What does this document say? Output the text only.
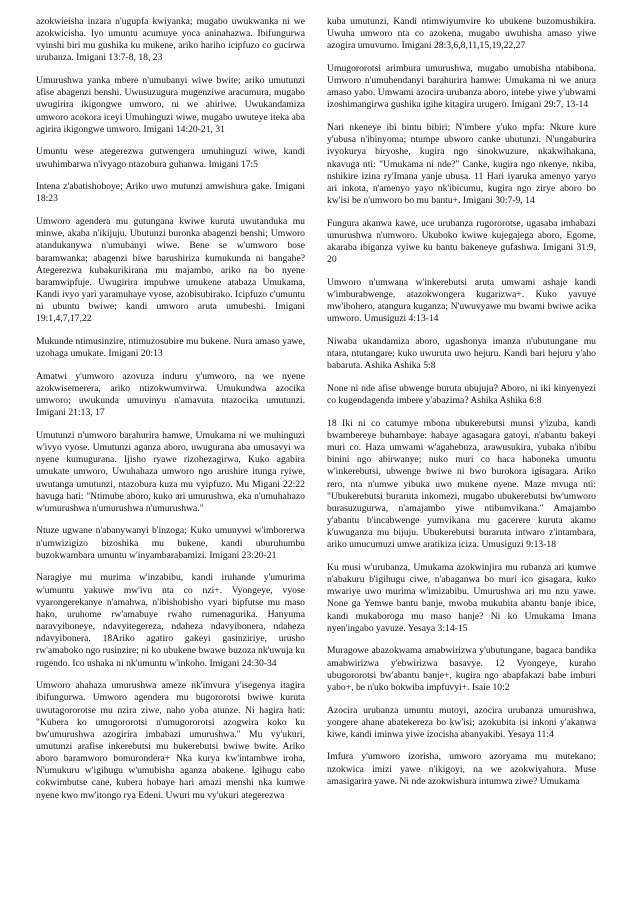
azokwieisha inzara n'ugupfa kwiyanka; mugabo uwukwanka ni we azokwicisha. Iyo umuntu acumuye yoca aninahazwa. Ibifungurwa vyinshi biri mu gushika ku mukene, ariko hariho icipfuzo co gucirwa urubanza. Imigani 13:7-8, 18, 23

Umurushwa yanka mbere n'umubanyi wiwe bwite; ariko umutunzi afise abagenzi benshi. Uwusuzugura mugenziwe aracumura, mugabo uwugirira ikigongwe umworo, ni we ahiriwe. Uwukandamiza umworo acokora iceyi Umuhinguzi wiwe, mugabo uwuteye iteka aba agirira ikigongwe umworo. Imigani 14:20-21, 31

Umuntu wese ategerezwa gutwengera umuhinguzi wiwe, kandi uwuhimbarwa n'ivyago ntazobura guhanwa. Imigani 17:5

Intena z'abatishoboye; Ariko uwo mutunzi amwishura gake. Imigani 18:23

Umworo agendera mu gutungana kwiwe kuruta uwutanduka mu minwe, akaba n'ikijuju. Ubutunzi buronka abagenzi benshi; Umworo atandukanywa n'umubanyi wiwe. Bene se w'umworo bose baramwanka; abagenzi biwe barushiriza kumukunda ni bangahe? Ategerezwa kubakurikirana mu majambo, ariko na bo nyene baramwipfuje. Uwugirira impuhwe umukene atabaza Umukama, Kandi ivyo yari yaramuhaye vyose, azobisubirako. Icipfuzo c'umuntu ni ubuntu bwiwe; kandi umworo aruta umubeshi. Imigani 19:1,4,7,17,22

Mukunde ntimusinzire, ntimuzosubire mu bukene. Nura amaso yawe, uzohaga umukate. Imigani 20:13

Amatwi y'umworo azovuza induru y'umworo, na we nyene azokwisemerera, ariko ntizokwumvirwa. Umukundwa azocika umworo; uwukunda umuvinyu n'amavuta ntazocika umutunzi. Imigani 21:13, 17

Umutunzi n'umworo barahurira hamwe, Umukama ni we muhinguzi w'ivyo vyose. Umutunzi aganza aboro, uwugurana aba umusavyi wa nyene kumugurana. Ijisho ryawe rizohezagirwa, Kuko agabira umukate umworo, Uwuhahaza umworo ngo arushire itunga ryiwe, uwutanga umutunzi, ntazobura kuza mu vyipfuzo. Mu Migani 22:22 havuga hati: "Ntimube aboro, kuko ari umurushwa, eka n'umuhahazo w'umurushwa n'umurushwa n'umurushwa."

Ntuze ugwane n'abanywanyi b'inzoga; Kuko umunywi w'imborerwa n'umwizigizo bizoshika mu bukene, kandi uburuhumbu buzokwambara umuntu w'inyambarabamizi. Imigani 23:20-21

Naragiye mu murima w'inzabibu, kandi iruhande y'umurima w'umuntu yakuwe mw'ivu nta co nzi+. Vyongeye, vyose vyarongerekanye n'amahwa, n'ibishobisho vyari bipfutse mu maso hako, uruhome rw'amabuye rwaho rumenagurika. Hanyuma naravyiboneye, ndavyitegereza, ndaheza ndavyibonera, ndaheza ndavyibonera. 18Ariko agatiro gakeyi gasinziriye, urusho rw'amaboko ngo rusinzire; ni ko ubukene bwawe buzoza nk'uwuja ku rugendo. Ico ushaka ni nk'umuntu w'inkoho. Imigani 24:30-34

Umworo ahahaza umurushwa ameze nk'imvura y'isegenya itagira ibifungurwa. Umworo agendera mu bugororotsi bwiwe kuruta uwutagororotse mu nzira ziwe, naho yoba atunze. Ni hagira hati: "Kubera ko umugororotsi n'umugororotsi azogwira koko ku bw'umurushwa azogirira imbabazi umurushwa." Mu vy'ukuri, umutunzi arafise inkerebutsi mu bukerebutsi bwiwe bwite. Ariko aboro baramworo bomurondera+ Nka kurya kw'intambwe iroha, N'umukuru w'igihugu w'umubisha aganza abakene. Igihugu cabo cokwimbutse cane, kubera hobaye hari amazi menshi nka kumwe nyene kwo mw'itongo rya Edeni. Uwuri mu vy'ukuri ategerezwa

kuba umutunzi, Kandi ntimwiyumvire ko ubukene buzomushikira. Uwuha umworo nta co azokena, mugabo uwuhisha amaso yiwe azogira umuvumo. Imigani 28:3,6,8,11,15,19,22,27

Umugororotsi arimbura umurushwa, mugabo umubisha ntabibona. Umworo n'umuhendanyi barahurira hamwe: Umukama ni we anura amaso yabo. Umwami azocira urubanza aboro, intebe yiwe y'ubwami izoshimangirwa gushika igihe kitagira urugero. Imigani 29:7, 13-14

Nari nkeneye ibi bintu bibiri; N'imbere y'uko mpfa: Nkure kure y'ubusa n'ibinyoma; ntumpe ubworo canke ubutunzi. N'ungaburira ivyokurya biryoshe, kugira ngo sinokwuzure, nkakwihakana, nkavuga nti: "Umukama ni nde?" Canke, kugira ngo nkenye, nkiba, nshikire izina ry'Imana yanje ubusa. 11 Hari iyaruka amenyo yaryo ari inkota, n'amenyo yayo nk'ibicumu, kugira ngo zirye aboro bo kw'isi be n'umworo bo mu bantu+. Imigani 30:7-9, 14

Fungura akanwa kawe, uce urubanza rugororotse, ugasaba imbabazi umurushwa n'umworo. Ukuboko kwiwe kujegajega aboro, Egome, akaraba ibiganza vyiwe ku bantu bakeneye gufashwa. Imigani 31:9, 20

Umworo n'umwana w'inkerebutsi aruta umwami ashaje kandi w'imburabwenge, atazokwongera kugarizwa+. Kuko yavuye mw'ibohero, atangura kuganza; N'uwuvyawe mu bwami bwiwe acika umworo. Umusiguzi 4:13-14

Niwaba ukandamiza aboro, ugashonya imanza n'ubutungane mu ntara, ntutangare; kuko uwuruta uwo hejuru. Kandi bari hejuru y'aho babaruta. Ashika Ashika 5:8

None ni nde afise ubwenge buruta ubujuju? Aboro, ni iki kinyenyezi co kugendagenda imbere y'abazima? Ashika Ashika 6:8

18 Iki ni co catumye mbona ubukerebutsi munsi y'izuba, kandi bwambereye buhambaye: habaye agasagara gatoyi, n'abantu bakeyi muri co. Haza umwami w'agahebuza, arawusukira, yubaka n'ibibu binini ngo abirwanye; nuko muri co haca haboneka umuntu w'inkerebutsi, ubwenge bwiwe ni bwo burokora igisagara. Ariko rero, nta n'umwe yibuka uwo mukene nyene. Maze mvuga nti: "Ubukerebutsi buraruta inkomezi, mugabo ubukerebutsi bw'umworo burasuzugurwa, n'amajambo yiwe ntibumvikana." Amajambo y'abantu b'incabwenge yumvikana mu gacerere kuruta akamo k'uwuganza mu bijuju. Ubukerebutsi buraruta intwaro z'intambara, ariko umucumuzi umwe aratikiza iciza. Umusiguzi 9:13-18

Ku musi w'urubanza, Umukama azokwinjira mu rubanza ari kumwe n'abakuru b'igihugu ciwe, n'abaganwa bo muri ico gisagara, kuko mwariye uwo murima w'imizabibu. Umurushwa ari mu nzu yawe. None ga Yemwe bantu banje, mwoba mukubita abantu banje ibice, kandi mukaboroga mu maso hanje? Ni ko Umukama Imana nyen'ingabo yavuze. Yesaya 3:14-15

Muragowe abazokwama amabwirizwa y'ubutungane, bagaca bandika amabwirizwa y'ebwirizwa basavye. 12 Vyongeye, kuraho ubugororotsi bw'abantu banje+, kugira ngo abapfakazi babe imburi yabo+, be n'uko bokwiba impfuvyi+. Isaie 10:2

Azocira urubanza umuntu mutoyi, azocira urubanza umurushwa, yongere ahane abatekereza bo kw'isi; azokubita isi inkoni y'akanwa kiwe, kandi iminwa yiwe izocisha abanyakibi. Yesaya 11:4

Imfura y'umworo izorisha, umworo azoryama mu mutekano; nzokwica imizi yawe n'ikigoyi, na we azokwiyahura. Muse amasigarira yawe. Ni nde azokwishura intumwa ziwe? Umukama
